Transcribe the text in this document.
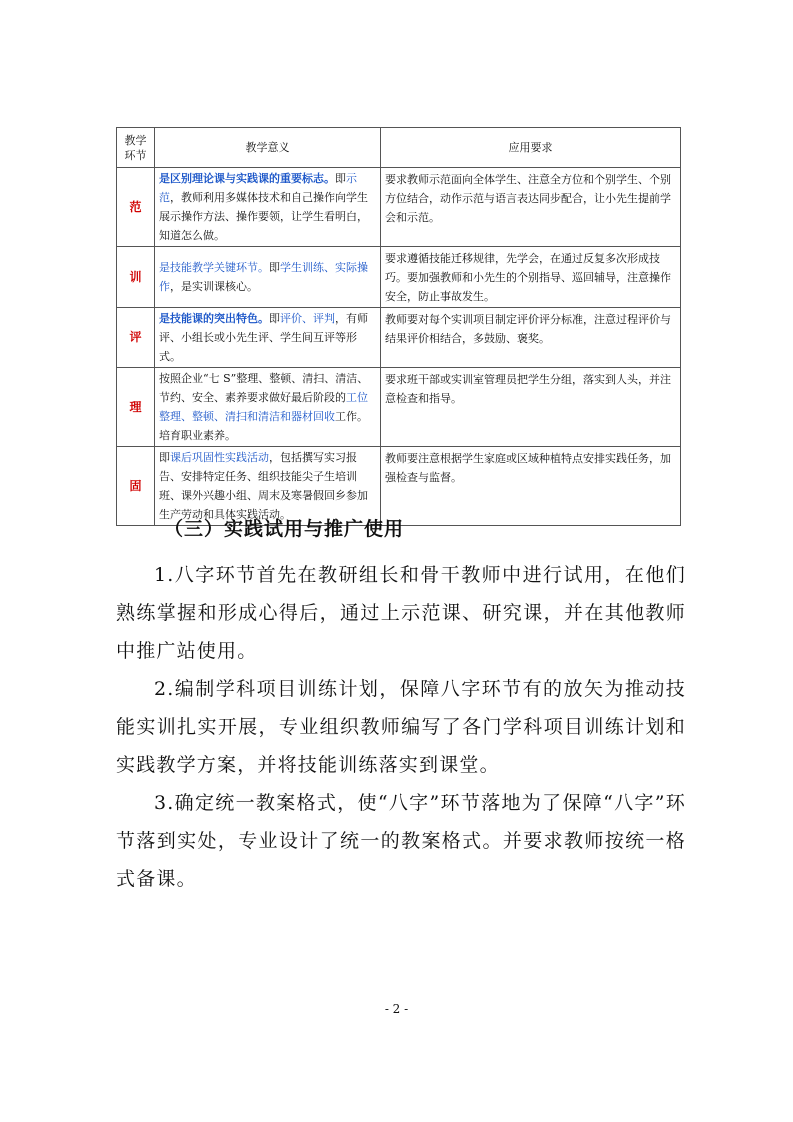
教学
环节	教学意义	应用要求
范	是区别理论课与实践课的重要标志。即示范，教师利用多媒体技术和自己操作向学生展示操作方法、操作要领，让学生看明白，知道怎么做。	要求教师示范面向全体学生、注意全方位和个别学生、个别方位结合，动作示范与语言表达同步配合，让小先生提前学会和示范。
训	是技能教学关键环节。即学生训练、实际操作，是实训课核心。	要求遵循技能迁移规律，先学会，在通过反复多次形成技巧。要加强教师和小先生的个别指导、巡回辅导，注意操作安全，防止事故发生。
评	是技能课的突出特色。即评价、评判，有师评、小组长或小先生评、学生间互评等形式。	教师要对每个实训项目制定评价评分标准，注意过程评价与结果评价相结合，多鼓励、褒奖。
理	按照企业“七 S”整理、整顿、清扫、清洁、节约、安全、素养要求做好最后阶段的工位整理、整顿、清扫和清洁和器材回收工作。培育职业素养。	要求班干部或实训室管理员把学生分组，落实到人头，并注意检查和指导。
固	即课后巩固性实践活动，包括撰写实习报告、安排特定任务、组织技能尖子生培训班、课外兴趣小组、周末及寒暑假回乡参加生产劳动和具体实践活动。	教师要注意根据学生家庭或区域种植特点安排实践任务，加强检查与监督。
（三）实践试用与推广使用

1.八字环节首先在教研组长和骨干教师中进行试用，在他们熟练掌握和形成心得后，通过上示范课、研究课，并在其他教师中推广站使用。

2.编制学科项目训练计划，保障八字环节有的放矢为推动技能实训扎实开展，专业组织教师编写了各门学科项目训练计划和实践教学方案，并将技能训练落实到课堂。

3.确定统一教案格式，使“八字”环节落地为了保障“八字”环节落到实处，专业设计了统一的教案格式。并要求教师按统一格式备课。

- 2 -
